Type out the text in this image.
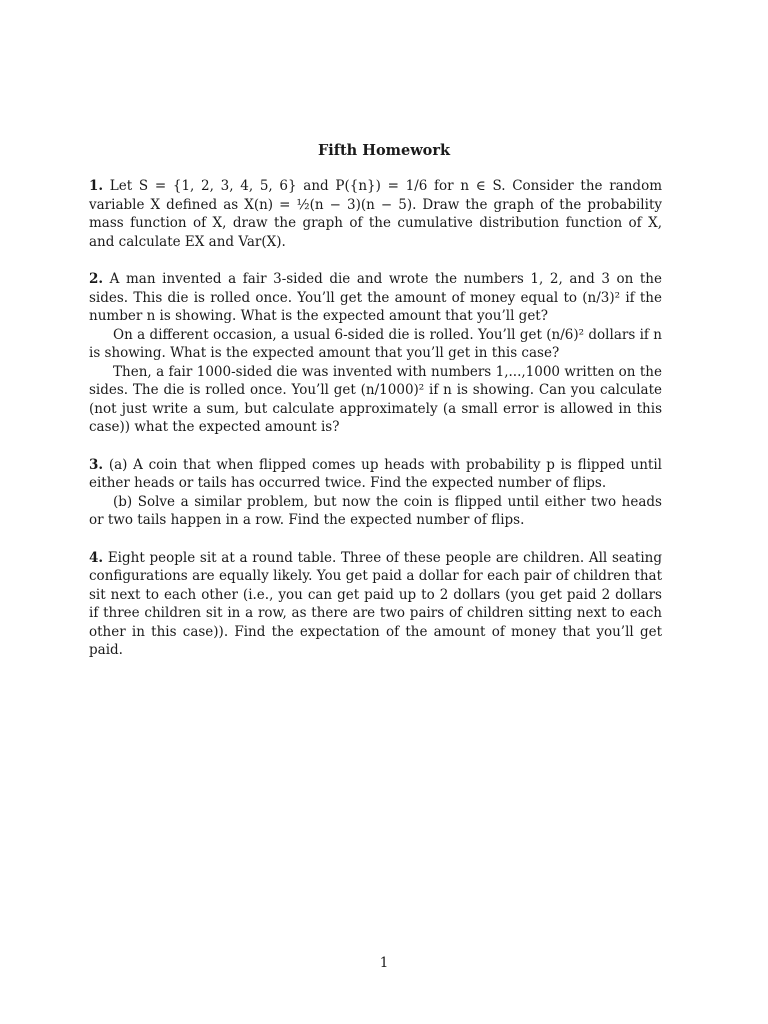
Fifth Homework

1. Let S = {1, 2, 3, 4, 5, 6} and P({n}) = 1/6 for n ∈ S. Consider the random variable X defined as X(n) = ½(n − 3)(n − 5). Draw the graph of the probability mass function of X, draw the graph of the cumulative distribution function of X, and calculate EX and Var(X).

2. A man invented a fair 3-sided die and wrote the numbers 1, 2, and 3 on the sides. This die is rolled once. You’ll get the amount of money equal to (n/3)² if the number n is showing. What is the expected amount that you’ll get?

On a different occasion, a usual 6-sided die is rolled. You’ll get (n/6)² dollars if n is showing. What is the expected amount that you’ll get in this case?

Then, a fair 1000-sided die was invented with numbers 1,...,1000 written on the sides. The die is rolled once. You’ll get (n/1000)² if n is showing. Can you calculate (not just write a sum, but calculate approximately (a small error is allowed in this case)) what the expected amount is?

3. (a) A coin that when flipped comes up heads with probability p is flipped until either heads or tails has occurred twice. Find the expected number of flips.

(b) Solve a similar problem, but now the coin is flipped until either two heads or two tails happen in a row. Find the expected number of flips.

4. Eight people sit at a round table. Three of these people are children. All seating configurations are equally likely. You get paid a dollar for each pair of children that sit next to each other (i.e., you can get paid up to 2 dollars (you get paid 2 dollars if three children sit in a row, as there are two pairs of children sitting next to each other in this case)). Find the expectation of the amount of money that you’ll get paid.

1
